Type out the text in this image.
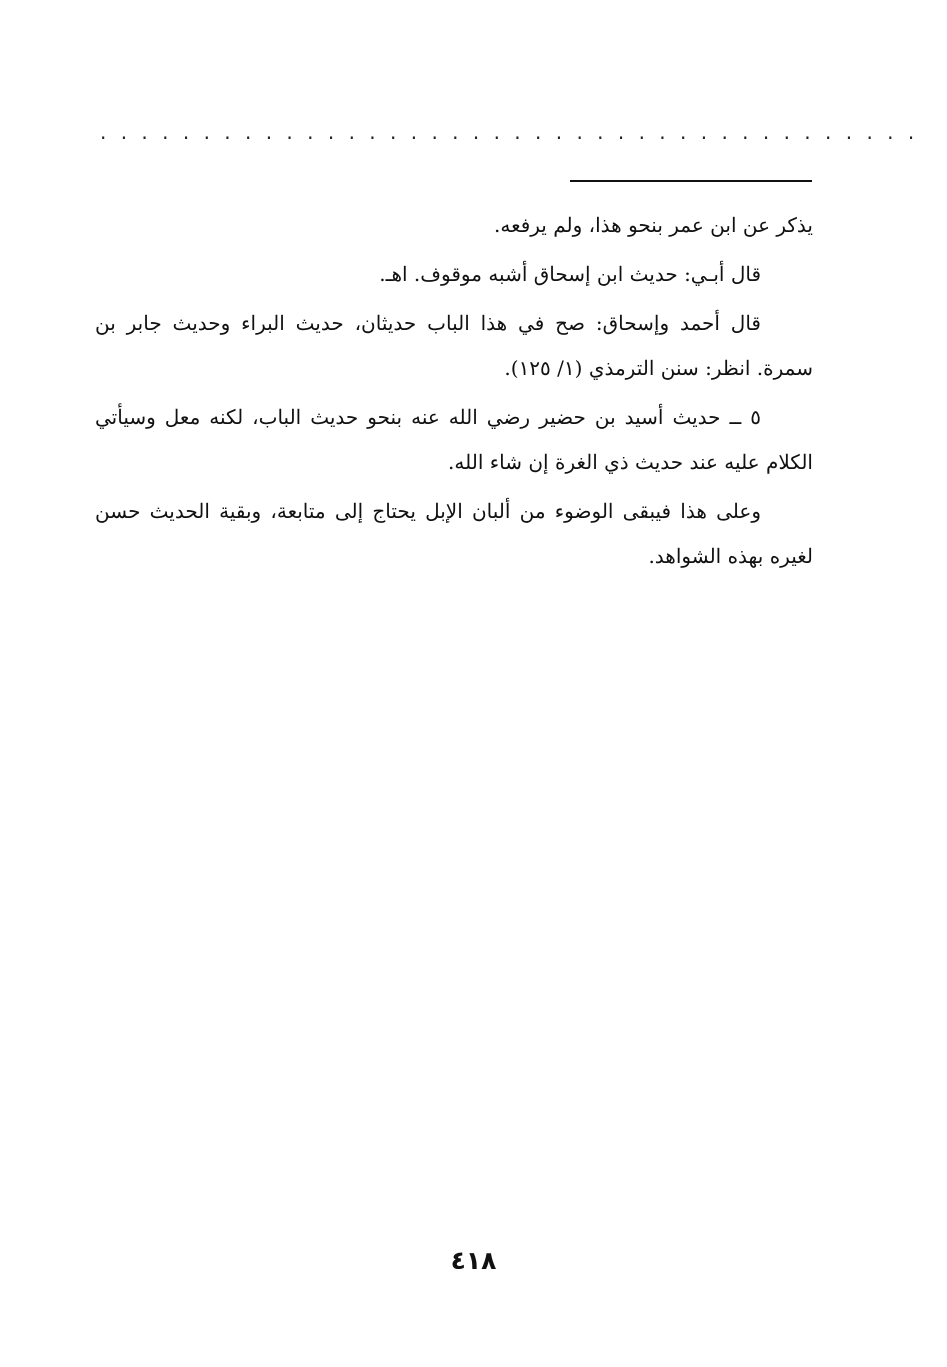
. . . . . . . . . . . . . . . . . . . . . . . . . . . . . . . . . . . . . . . .

يذكر عن ابن عمر بنحو هذا، ولم يرفعه.

قال أبـي: حديث ابن إسحاق أشبه موقوف. اهـ.

قال أحمد وإسحاق: صح في هذا الباب حديثان، حديث البراء وحديث جابر بن سمرة. انظر: سنن الترمذي (١/ ١٢٥).

٥ ــ حديث أسيد بن حضير رضي الله عنه بنحو حديث الباب، لكنه معل وسيأتي الكلام عليه عند حديث ذي الغرة إن شاء الله.

وعلى هذا فيبقى الوضوء من ألبان الإبل يحتاج إلى متابعة، وبقية الحديث حسن لغيره بهذه الشواهد.

٤١٨
